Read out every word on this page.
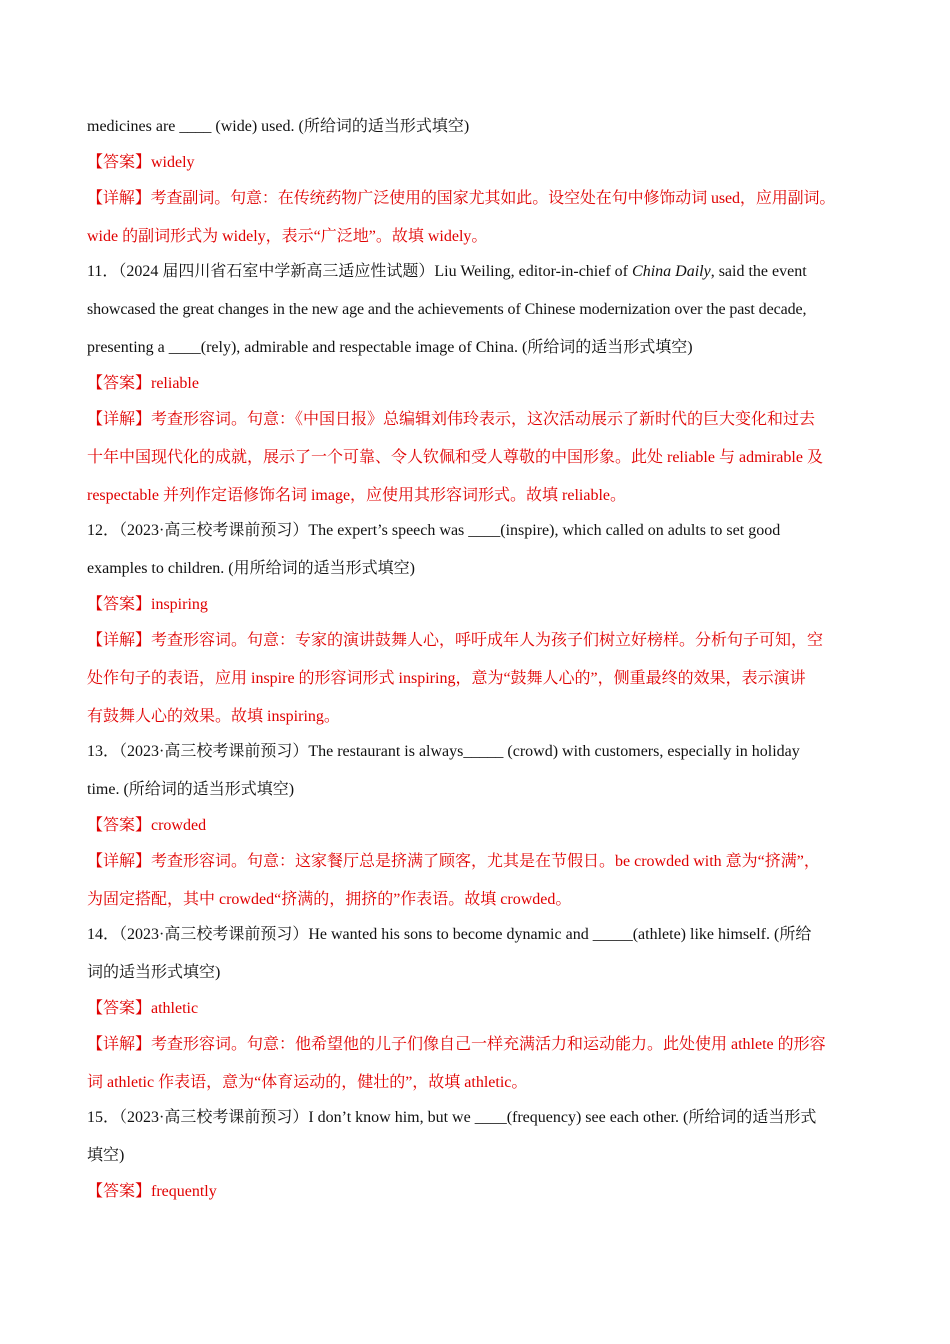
medicines are ____ (wide) used. (所给词的适当形式填空)
【答案】widely
【详解】考查副词。句意：在传统药物广泛使用的国家尤其如此。设空处在句中修饰动词 used，应用副词。
wide 的副词形式为 widely，表示“广泛地”。故填 widely。
11．（2024 届四川省石室中学新高三适应性试题）Liu Weiling, editor-in-chief of China Daily, said the event
showcased the great changes in the new age and the achievements of Chinese modernization over the past decade,
presenting a ____(rely), admirable and respectable image of China. (所给词的适当形式填空)
【答案】reliable
【详解】考查形容词。句意：《中国日报》总编辑刘伟玲表示，这次活动展示了新时代的巨大变化和过去
十年中国现代化的成就，展示了一个可靠、令人钦佩和受人尊敬的中国形象。此处 reliable 与 admirable 及
respectable 并列作定语修饰名词 image，应使用其形容词形式。故填 reliable。
12．（2023·高三校考课前预习）The expert’s speech was ____(inspire), which called on adults to set good
examples to children. (用所给词的适当形式填空)
【答案】inspiring
【详解】考查形容词。句意：专家的演讲鼓舞人心，呼吁成年人为孩子们树立好榜样。分析句子可知，空
处作句子的表语，应用 inspire 的形容词形式 inspiring，意为“鼓舞人心的”，侧重最终的效果，表示演讲
有鼓舞人心的效果。故填 inspiring。
13．（2023·高三校考课前预习）The restaurant is always_____ (crowd) with customers, especially in holiday
time. (所给词的适当形式填空)
【答案】crowded
【详解】考查形容词。句意：这家餐厅总是挤满了顾客，尤其是在节假日。be crowded with 意为“挤满”，
为固定搭配，其中 crowded“挤满的，拥挤的”作表语。故填 crowded。
14．（2023·高三校考课前预习）He wanted his sons to become dynamic and _____(athlete) like himself. (所给
词的适当形式填空)
【答案】athletic
【详解】考查形容词。句意：他希望他的儿子们像自己一样充满活力和运动能力。此处使用 athlete 的形容
词 athletic 作表语，意为“体育运动的，健壮的”，故填 athletic。
15．（2023·高三校考课前预习）I don’t know him, but we ____(frequency) see each other. (所给词的适当形式
填空)
【答案】frequently
